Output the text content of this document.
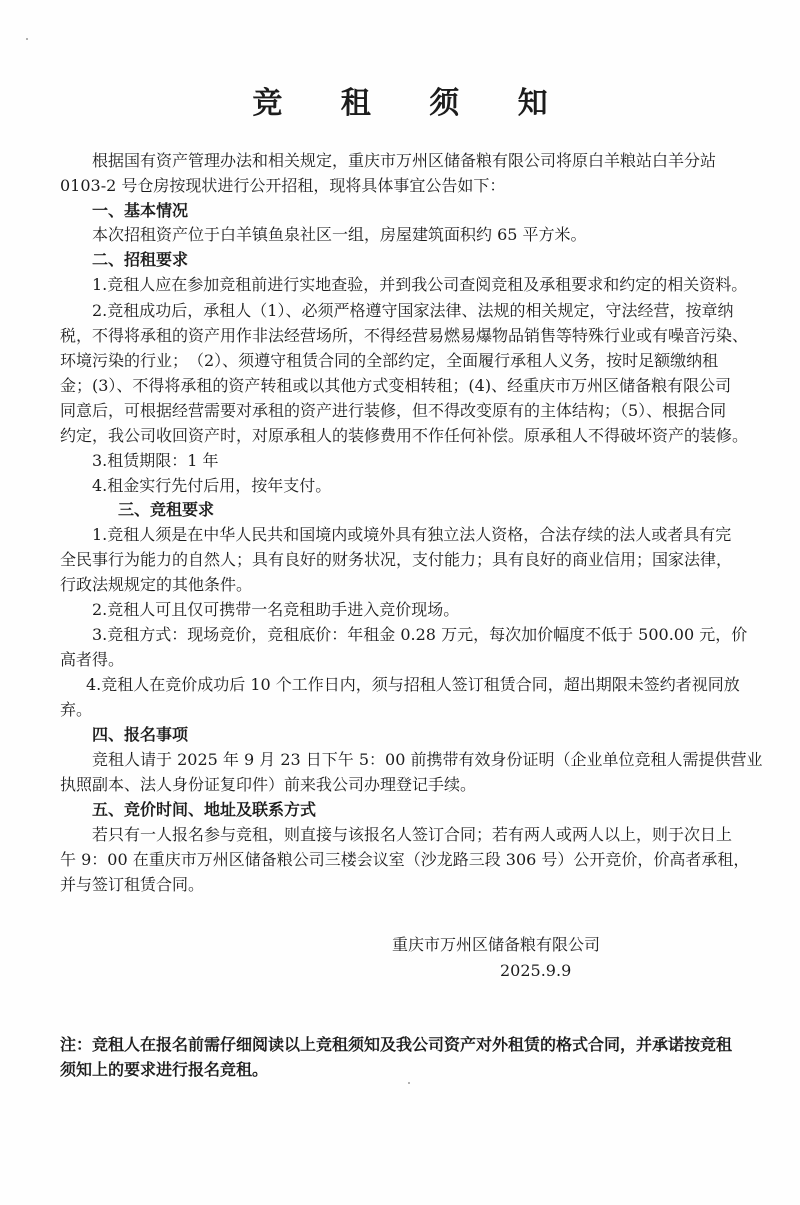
竞 租 须 知
根据国有资产管理办法和相关规定，重庆市万州区储备粮有限公司将原白羊粮站白羊分站
0103-2 号仓房按现状进行公开招租，现将具体事宜公告如下：
一、基本情况
本次招租资产位于白羊镇鱼泉社区一组，房屋建筑面积约 65 平方米。
二、招租要求
1.竞租人应在参加竞租前进行实地查验，并到我公司查阅竞租及承租要求和约定的相关资料。
2.竞租成功后，承租人（1）、必须严格遵守国家法律、法规的相关规定，守法经营，按章纳
税，不得将承租的资产用作非法经营场所，不得经营易燃易爆物品销售等特殊行业或有噪音污染、
环境污染的行业；　（2）、须遵守租赁合同的全部约定，全面履行承租人义务，按时足额缴纳租
金；(3）、不得将承租的资产转租或以其他方式变相转租；(4)、经重庆市万州区储备粮有限公司
同意后，可根据经营需要对承租的资产进行装修，但不得改变原有的主体结构；（5）、根据合同
约定，我公司收回资产时，对原承租人的装修费用不作任何补偿。原承租人不得破坏资产的装修。
3.租赁期限：1 年
4.租金实行先付后用，按年支付。
三、竞租要求
1.竞租人须是在中华人民共和国境内或境外具有独立法人资格，合法存续的法人或者具有完
全民事行为能力的自然人；具有良好的财务状况，支付能力；具有良好的商业信用；国家法律，
行政法规规定的其他条件。
2.竞租人可且仅可携带一名竞租助手进入竞价现场。
3.竞租方式：现场竞价，竞租底价：年租金 0.28 万元，每次加价幅度不低于 500.00 元，价
高者得。
4.竞租人在竞价成功后 10 个工作日内，须与招租人签订租赁合同，超出期限未签约者视同放
弃。
四、报名事项
竞租人请于 2025 年 9 月 23 日下午 5：00 前携带有效身份证明（企业单位竞租人需提供营业
执照副本、法人身份证复印件）前来我公司办理登记手续。
五、竞价时间、地址及联系方式
若只有一人报名参与竞租，则直接与该报名人签订合同；若有两人或两人以上，则于次日上
午 9：00 在重庆市万州区储备粮公司三楼会议室（沙龙路三段 306 号）公开竞价，价高者承租，
并与签订租赁合同。
重庆市万州区储备粮有限公司
2025.9.9
注：竞租人在报名前需仔细阅读以上竞租须知及我公司资产对外租赁的格式合同，并承诺按竞租
须知上的要求进行报名竞租。
